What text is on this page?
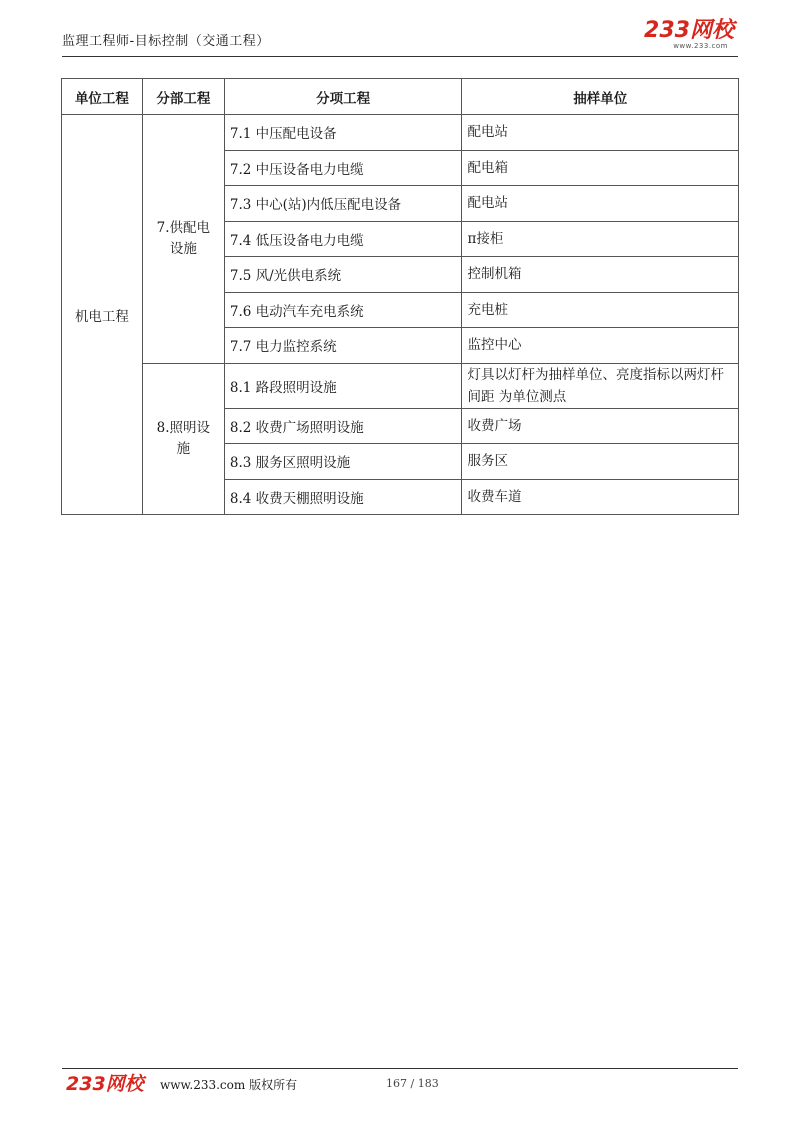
监理工程师-目标控制（交通工程）	233网校
www.233.com
单位工程	分部工程	分项工程	抽样单位
机电工程	7.供配电设施	7.1 中压配电设备	配电站
		7.2 中压设备电力电缆	配电箱
		7.3 中心(站)内低压配电设备	配电站
		7.4 低压设备电力电缆	π接柜
		7.5 风/光供电系统	控制机箱
		7.6 电动汽车充电系统	充电桩
		7.7 电力监控系统	监控中心
	8.照明设施	8.1 路段照明设施	灯具以灯杆为抽样单位、亮度指标以两灯杆间距 为单位测点
		8.2 收费广场照明设施	收费广场
		8.3 服务区照明设施	服务区
		8.4 收费天棚照明设施	收费车道
233网校 www.233.com 版权所有	167 / 183
